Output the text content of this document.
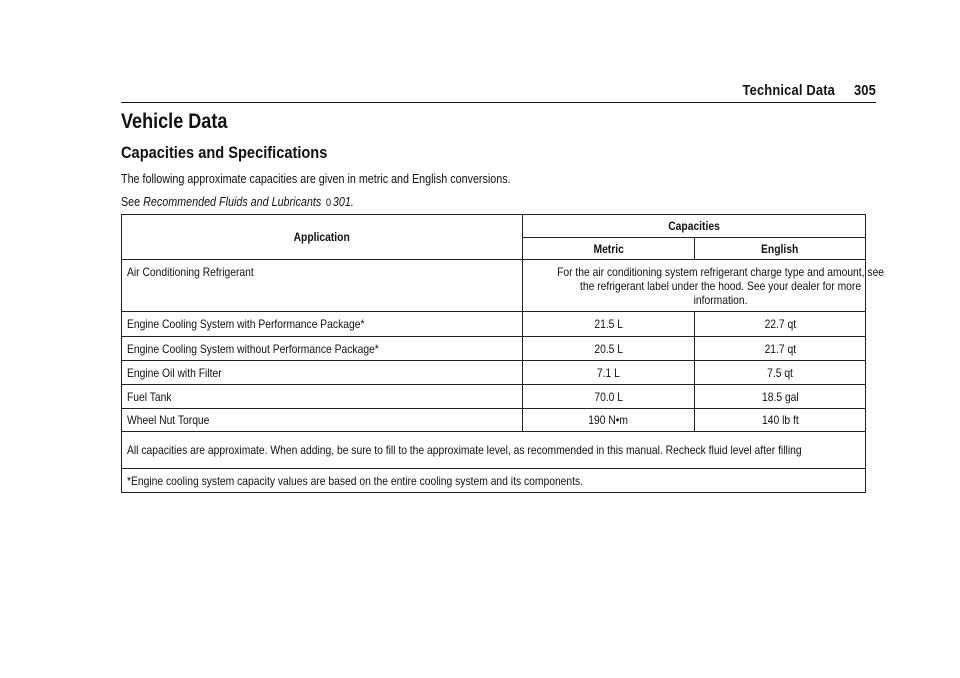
Technical Data 305
Vehicle Data
Capacities and Specifications
The following approximate capacities are given in metric and English conversions.
See Recommended Fluids and Lubricants 0 301.
Application	Capacities	
	Metric	English
Air Conditioning Refrigerant	For the air conditioning system refrigerant charge type and amount, see the refrigerant label under the hood. See your dealer for more information.	
Engine Cooling System with Performance Package*	21.5 L	22.7 qt
Engine Cooling System without Performance Package*	20.5 L	21.7 qt
Engine Oil with Filter	7.1 L	7.5 qt
Fuel Tank	70.0 L	18.5 gal
Wheel Nut Torque	190 N•m	140 lb ft
All capacities are approximate. When adding, be sure to fill to the approximate level, as recommended in this manual. Recheck fluid level after filling		
*Engine cooling system capacity values are based on the entire cooling system and its components.		
